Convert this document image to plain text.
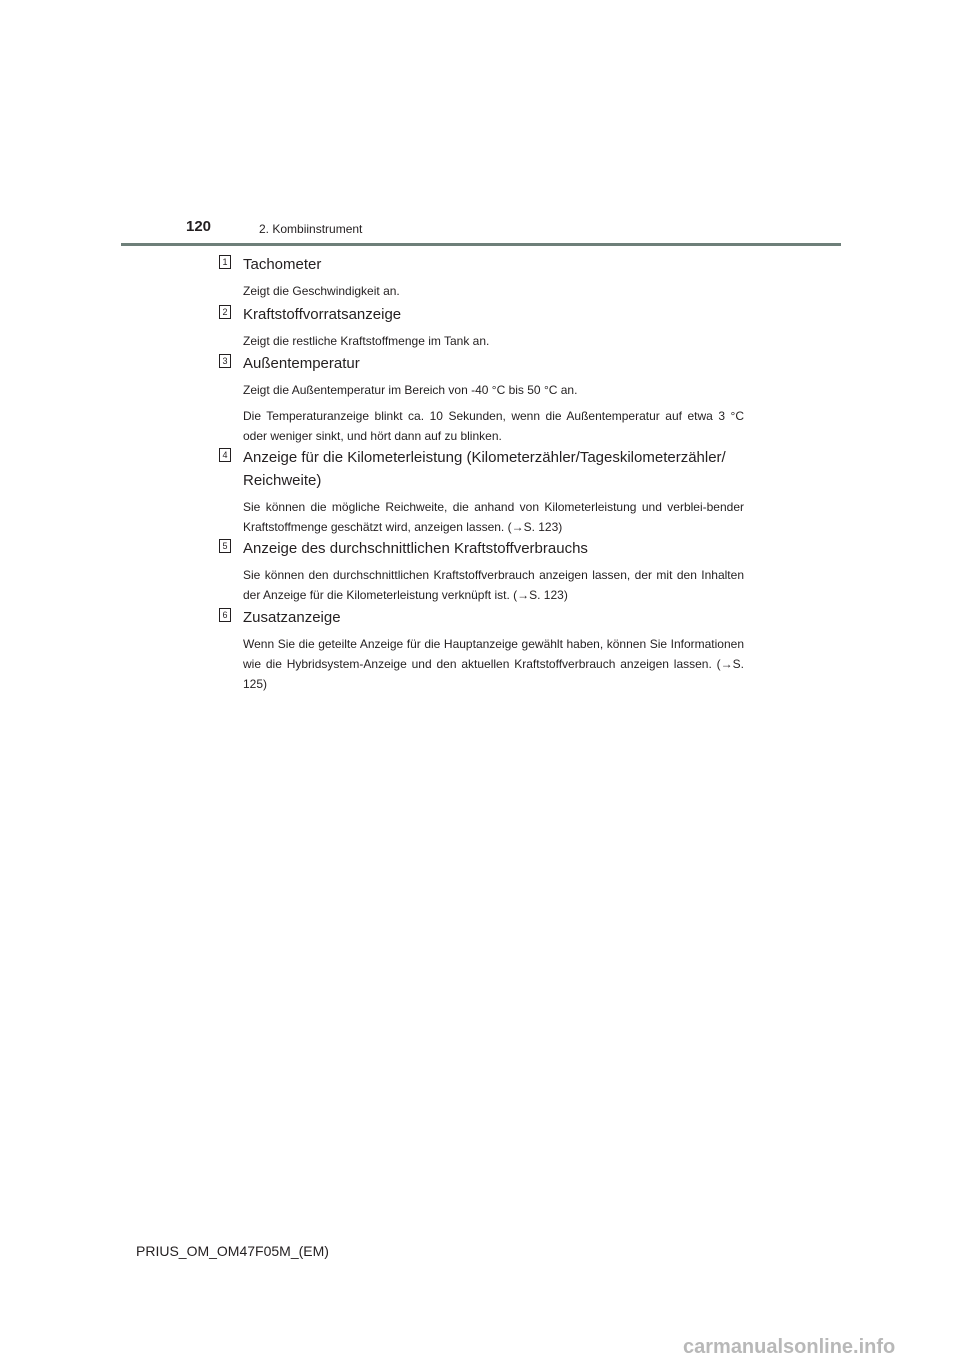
120	2. Kombiinstrument
1 Tachometer

Zeigt die Geschwindigkeit an.

2 Kraftstoffvorratsanzeige

Zeigt die restliche Kraftstoffmenge im Tank an.

3 Außentemperatur

Zeigt die Außentemperatur im Bereich von -40 °C bis 50 °C an.

Die Temperaturanzeige blinkt ca. 10 Sekunden, wenn die Außentemperatur auf etwa 3 °C oder weniger sinkt, und hört dann auf zu blinken.

4 Anzeige für die Kilometerleistung (Kilometerzähler/Tageskilometerzähler/ Reichweite)

Sie können die mögliche Reichweite, die anhand von Kilometerleistung und verblei-bender Kraftstoffmenge geschätzt wird, anzeigen lassen. (→S. 123)

5 Anzeige des durchschnittlichen Kraftstoffverbrauchs

Sie können den durchschnittlichen Kraftstoffverbrauch anzeigen lassen, der mit den Inhalten der Anzeige für die Kilometerleistung verknüpft ist. (→S. 123)

6 Zusatzanzeige

Wenn Sie die geteilte Anzeige für die Hauptanzeige gewählt haben, können Sie Informationen wie die Hybridsystem-Anzeige und den aktuellen Kraftstoffverbrauch anzeigen lassen. (→S. 125)

PRIUS_OM_OM47F05M_(EM)
carmanualsonline.info
